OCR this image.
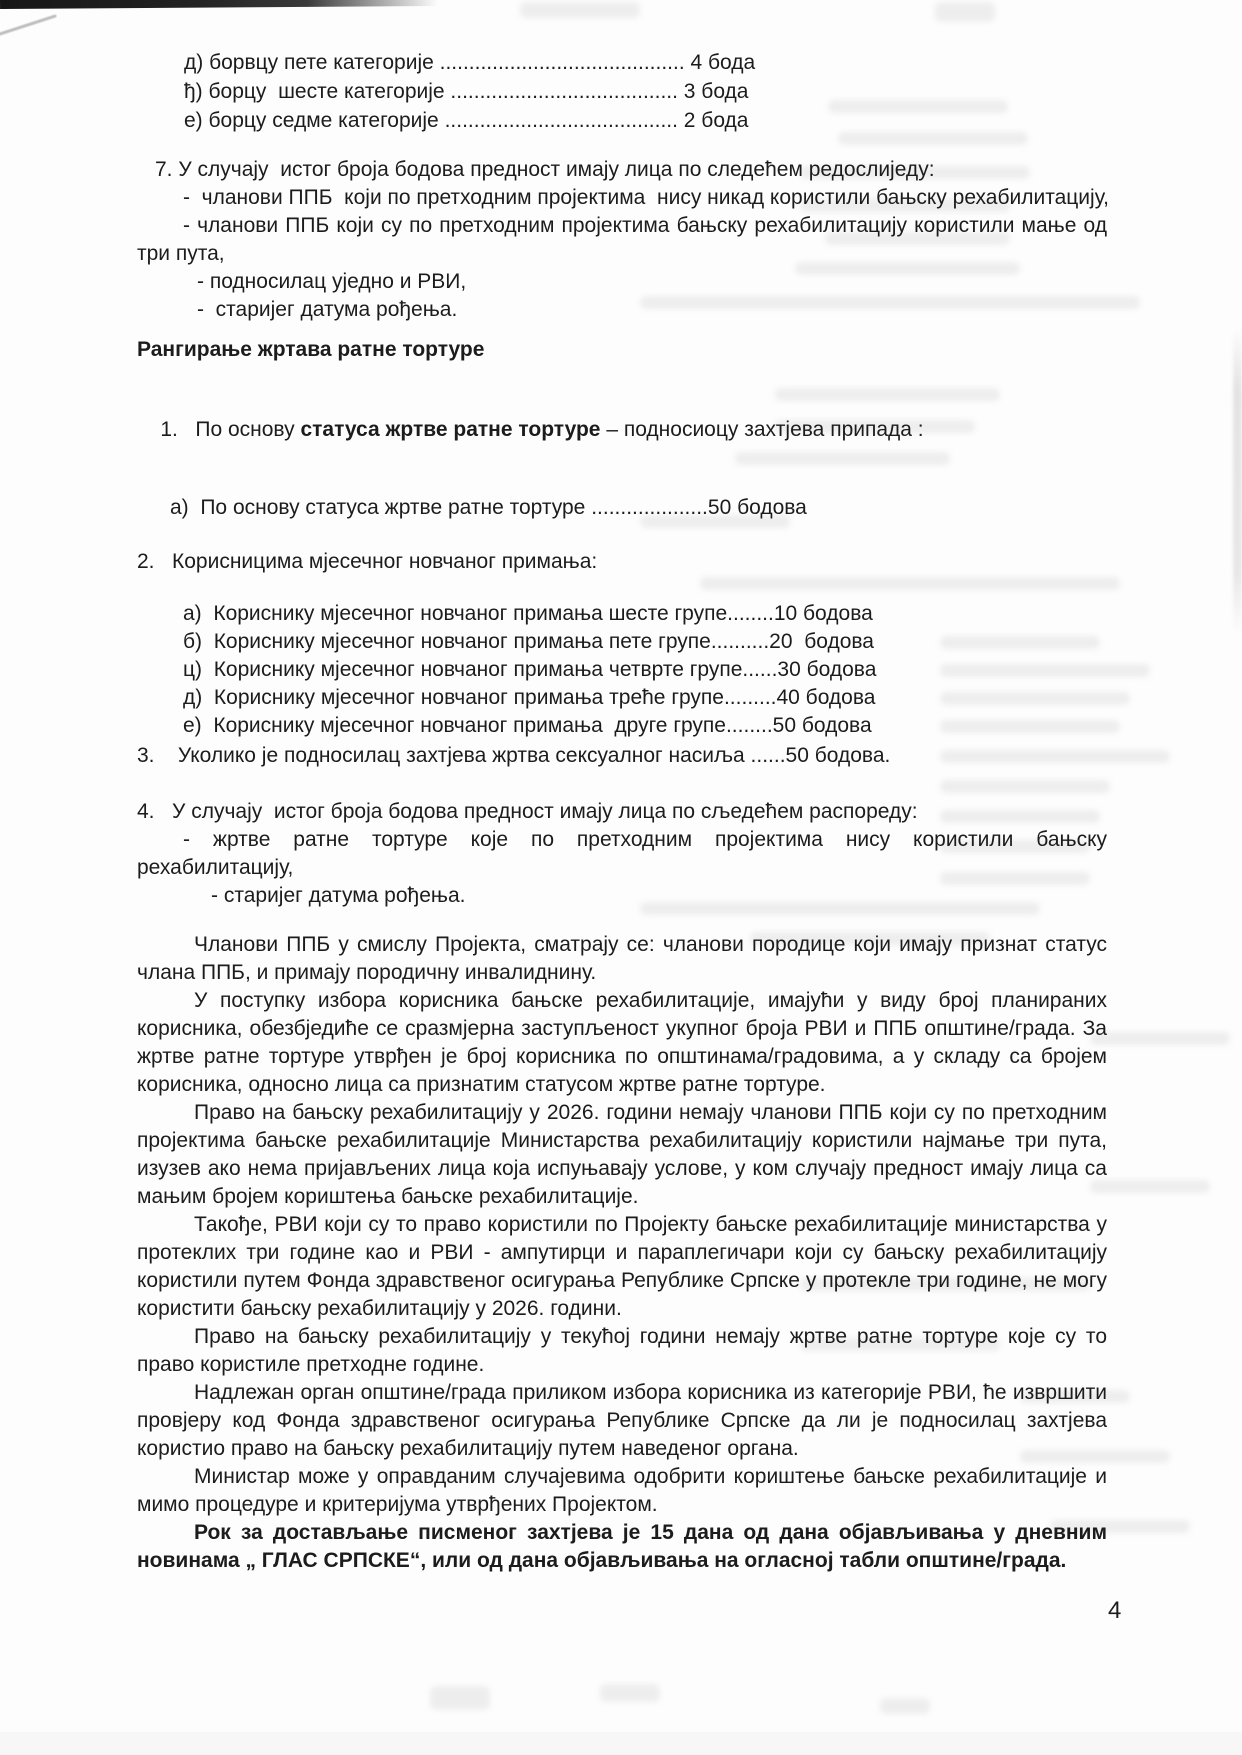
д) борвцу пете категорије .......................................... 4 бода
ђ) борцу  шесте категорије ....................................... 3 бода
е) борцу седме категорије ........................................ 2 бода
7. У случају  истог броја бодова предност имају лица по следећем редослиједу:
-  чланови ППБ  који по претходним пројектима  нису никад користили бањску рехабилитацију,
- чланови ППБ који су по претходним пројектима бањску рехабилитацију користили мање од
три пута,
- подносилац уједно и РВИ,
-  старијег датума рођења.
Рангирање жртава ратне тортуре

1.   По основу статуса жртве ратне тортуре – подносиоцу захтјева припада :

а)  По основу статуса жртве ратне тортуре ....................50 бодова
2.   Корисницима мјесечног новчаног примања:
а)  Кориснику мјесечног новчаног примања шесте групе........10 бодова
б)  Кориснику мјесечног новчаног примања пете групе..........20  бодова
ц)  Кориснику мјесечног новчаног примања четврте групе......30 бодова
д)  Кориснику мјесечног новчаног примања треће групе.........40 бодова
е)  Кориснику мјесечног новчаног примања  друге групе........50 бодова
3.    Уколико је подносилац захтјева жртва сексуалног насиља ......50 бодова.
4.   У случају  истог броја бодова предност имају лица по сљедећем распореду:
- жртве ратне тортуре које по претходним пројектима нису користили бањску
рехабилитацију,
- старијег датума рођења.

Чланови ППБ у смислу Пројекта, сматрају се: чланови породице који имају признат статус члана ППБ, и примају породичну инвалиднину.

У поступку избора корисника бањске рехабилитације, имајући у виду број планираних корисника, обезбједиће се сразмјерна заступљеност укупног броја РВИ и ППБ општине/града. За жртве ратне тортуре утврђен је број корисника по општинама/градовима, а у складу са бројем корисника, односно лица са признатим статусом жртве ратне тортуре.

Право на бањску рехабилитацију у 2026. години немају чланови ППБ који су по претходним пројектима бањске рехабилитације Министарства рехабилитацију користили најмање три пута, изузев ако нема пријављених лица која испуњавају услове, у ком случају предност имају лица са мањим бројем кориштења бањске рехабилитације.

Такође, РВИ који су то право користили по Пројекту бањске рехабилитације министарства у протеклих три године као и РВИ - ампутирци и параплегичари који су бањску рехабилитацију користили путем Фонда здравственог осигурања Републике Српске у протекле три године, не могу користити бањску рехабилитацију у 2026. години.

Право на бањску рехабилитацију у текућој години немају жртве ратне тортуре које су то право користиле претходне године.

Надлежан орган општине/града приликом избора корисника из категорије РВИ, ће извршити провјеру код Фонда здравственог осигурања Републике Српске да ли је подносилац захтјева користио право на бањску рехабилитацију путем наведеног органа.

Министар може у оправданим случајевима одобрити кориштење бањске рехабилитације и мимо процедуре и критеријума утврђених Пројектом.

Рок за достављање писменог захтјева је 15 дана од дана објављивања у дневним новинама „ ГЛАС СРПСКЕ“, или од дана објављивања на огласној табли општине/града.

4
